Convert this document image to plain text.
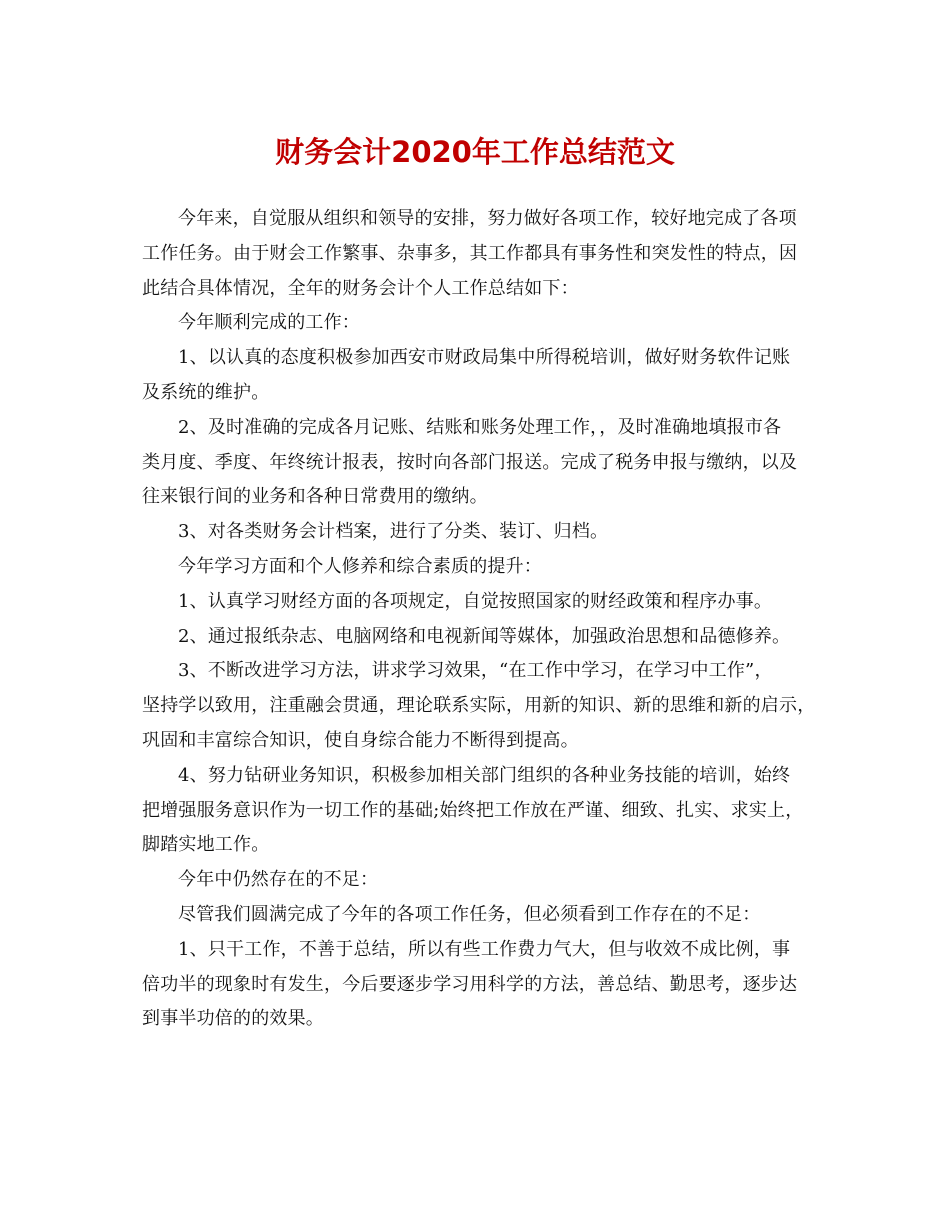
财务会计2020年工作总结范文
今年来，自觉服从组织和领导的安排，努力做好各项工作，较好地完成了各项
工作任务。由于财会工作繁事、杂事多，其工作都具有事务性和突发性的特点，因
此结合具体情况，全年的财务会计个人工作总结如下：
今年顺利完成的工作：
1、以认真的态度积极参加西安市财政局集中所得税培训，做好财务软件记账
及系统的维护。
2、及时准确的完成各月记账、结账和账务处理工作，，及时准确地填报市各
类月度、季度、年终统计报表，按时向各部门报送。完成了税务申报与缴纳，以及
往来银行间的业务和各种日常费用的缴纳。
3、对各类财务会计档案，进行了分类、装订、归档。
今年学习方面和个人修养和综合素质的提升：
1、认真学习财经方面的各项规定，自觉按照国家的财经政策和程序办事。
2、通过报纸杂志、电脑网络和电视新闻等媒体，加强政治思想和品德修养。
3、不断改进学习方法，讲求学习效果，“在工作中学习，在学习中工作”，
坚持学以致用，注重融会贯通，理论联系实际，用新的知识、新的思维和新的启示，
巩固和丰富综合知识，使自身综合能力不断得到提高。
4、努力钻研业务知识，积极参加相关部门组织的各种业务技能的培训，始终
把增强服务意识作为一切工作的基础;始终把工作放在严谨、细致、扎实、求实上，
脚踏实地工作。
今年中仍然存在的不足：
尽管我们圆满完成了今年的各项工作任务，但必须看到工作存在的不足：
1、只干工作，不善于总结，所以有些工作费力气大，但与收效不成比例，事
倍功半的现象时有发生，今后要逐步学习用科学的方法，善总结、勤思考，逐步达
到事半功倍的的效果。
